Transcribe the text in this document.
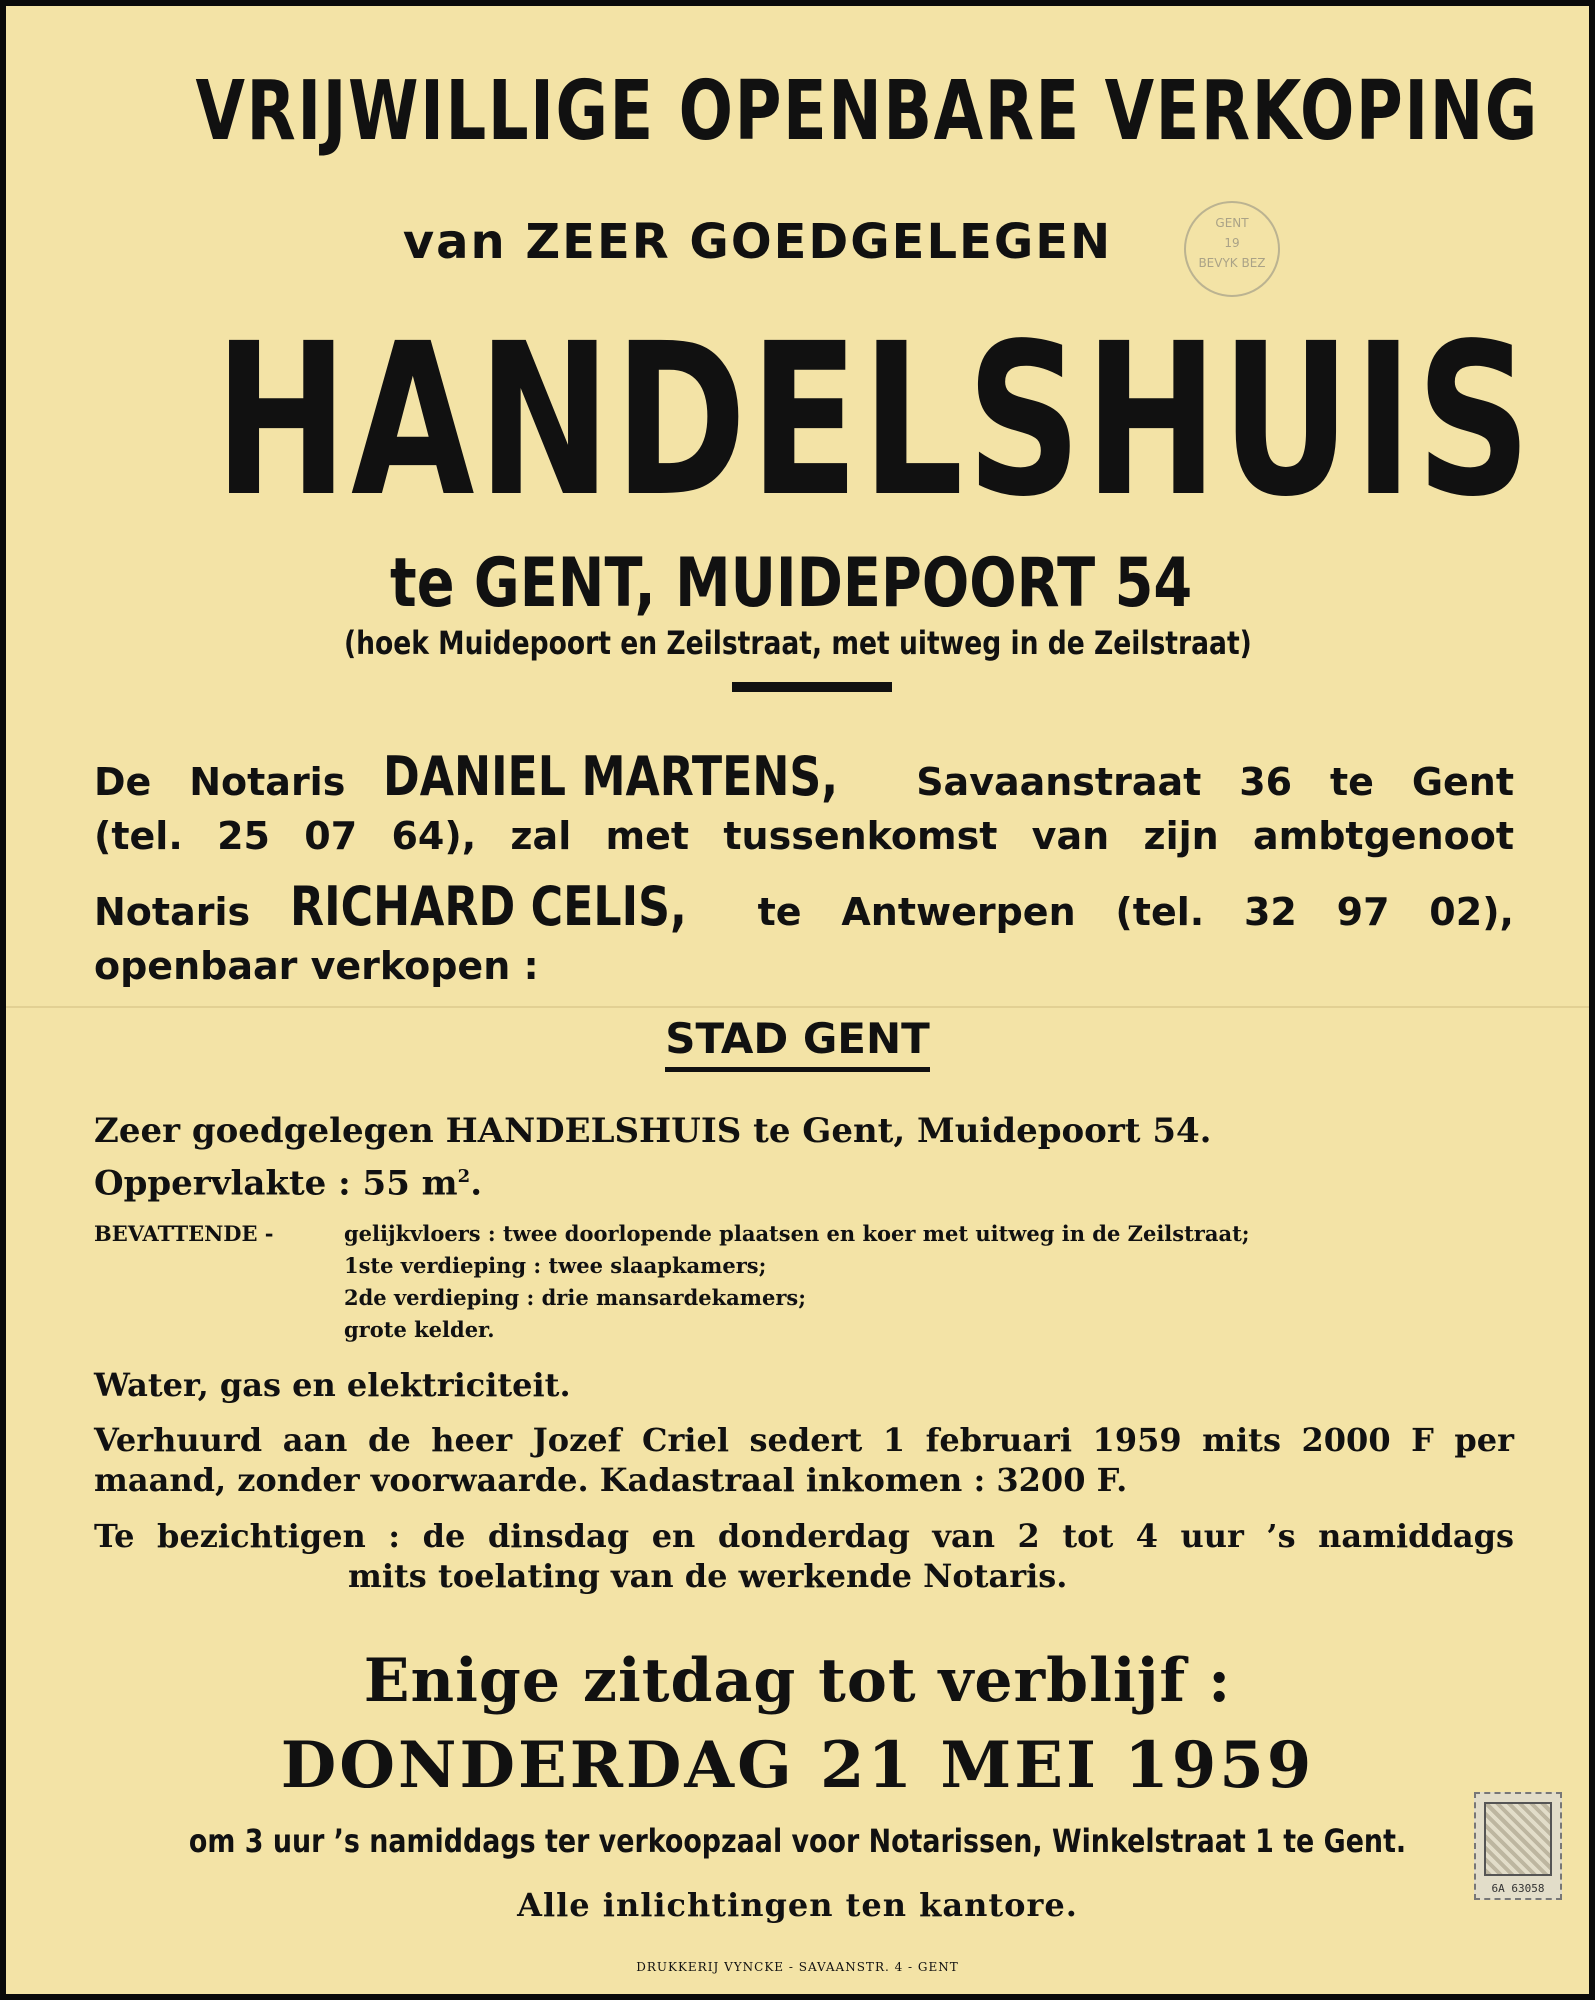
VRIJWILLIGE OPENBARE VERKOPING
van ZEER GOEDGELEGEN
HANDELSHUIS
te GENT, MUIDEPOORT 54
(hoek Muidepoort en Zeilstraat, met uitweg in de Zeilstraat)
GENT
19
BEVYK BEZ
De Notaris DANIEL MARTENS, Savaanstraat 36 te Gent
(tel. 25 07 64), zal met tussenkomst van zijn ambtgenoot
Notaris RICHARD CELIS, te Antwerpen (tel. 32 97 02),
openbaar verkopen :
STAD GENT
Zeer goedgelegen HANDELSHUIS te Gent, Muidepoort 54.
Oppervlakte : 55 $m^2$.
BEVATTENDE -	gelijkvloers : twee doorlopende plaatsen en koer met uitweg in de Zeilstraat;
1ste verdieping : twee slaapkamers;
2de verdieping : drie mansardekamers;
grote kelder.
Water, gas en elektriciteit.
Verhuurd aan de heer Jozef Criel sedert 1 februari 1959 mits 2000 F per
maand, zonder voorwaarde. Kadastraal inkomen : 3200 F.
Te bezichtigen : de dinsdag en donderdag van 2 tot 4 uur ’s namiddags
mits toelating van de werkende Notaris.
Enige zitdag tot verblijf :
DONDERDAG 21 MEI 1959
om 3 uur ’s namiddags ter verkoopzaal voor Notarissen, Winkelstraat 1 te Gent.
Alle inlichtingen ten kantore.	6A 63058
DRUKKERIJ VYNCKE - SAVAANSTR. 4 - GENT
